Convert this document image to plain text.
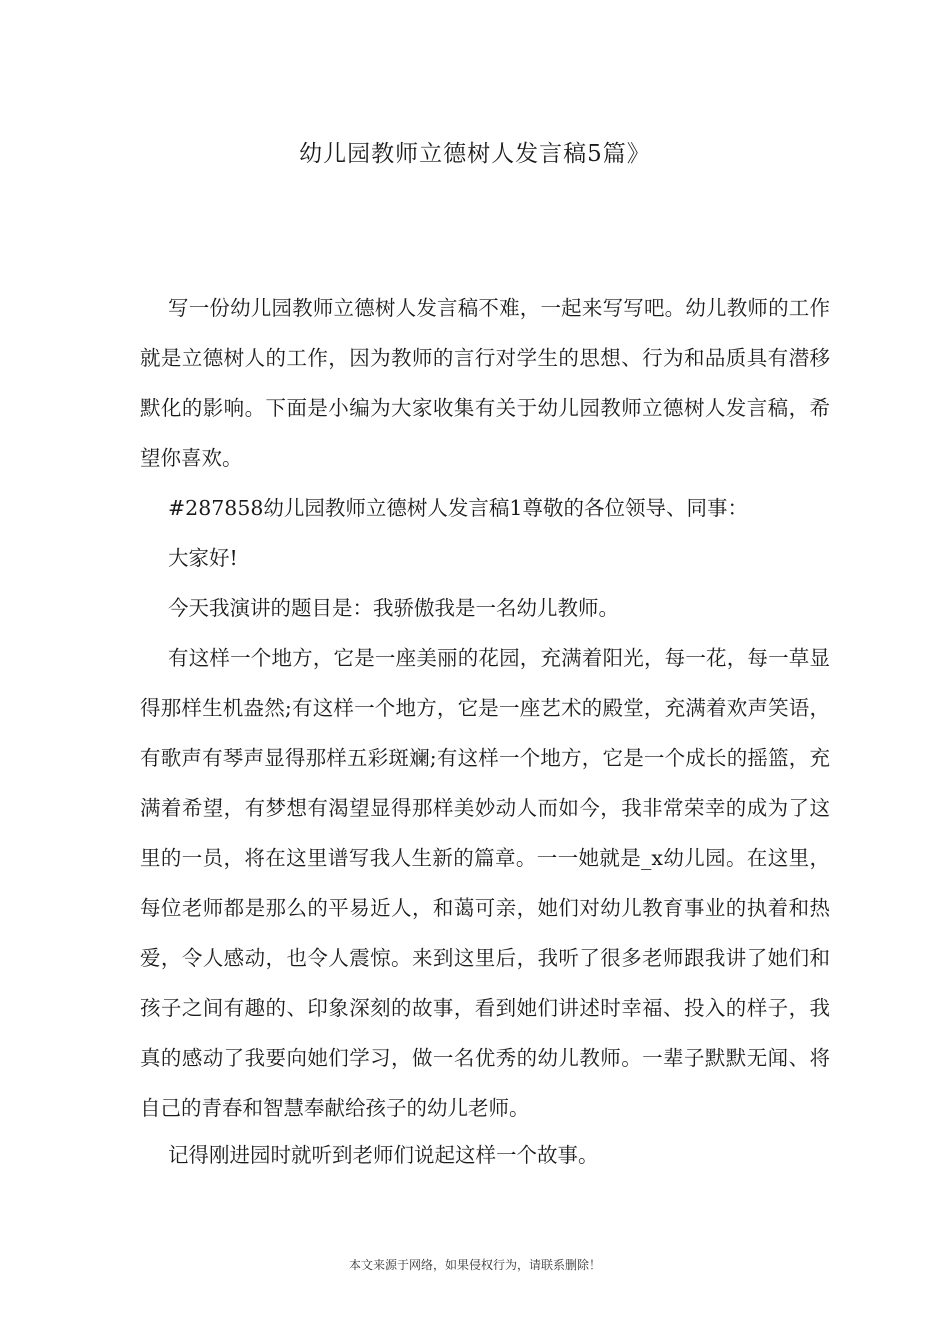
幼儿园教师立德树人发言稿5篇》

写一份幼儿园教师立德树人发言稿不难，一起来写写吧。幼儿教师的工作就是立德树人的工作，因为教师的言行对学生的思想、行为和品质具有潜移默化的影响。下面是小编为大家收集有关于幼儿园教师立德树人发言稿，希望你喜欢。

#287858幼儿园教师立德树人发言稿1尊敬的各位领导、同事：

大家好!

今天我演讲的题目是：我骄傲我是一名幼儿教师。

有这样一个地方，它是一座美丽的花园，充满着阳光，每一花，每一草显得那样生机盎然;有这样一个地方，它是一座艺术的殿堂，充满着欢声笑语，有歌声有琴声显得那样五彩斑斓;有这样一个地方，它是一个成长的摇篮，充满着希望，有梦想有渴望显得那样美妙动人而如今，我非常荣幸的成为了这里的一员，将在这里谱写我人生新的篇章。一一她就是_x幼儿园。在这里，每位老师都是那么的平易近人，和蔼可亲，她们对幼儿教育事业的执着和热爱，令人感动，也令人震惊。来到这里后，我听了很多老师跟我讲了她们和孩子之间有趣的、印象深刻的故事，看到她们讲述时幸福、投入的样子，我真的感动了我要向她们学习，做一名优秀的幼儿教师。一辈子默默无闻、将自己的青春和智慧奉献给孩子的幼儿老师。

记得刚进园时就听到老师们说起这样一个故事。

本文来源于网络，如果侵权行为，请联系删除！
